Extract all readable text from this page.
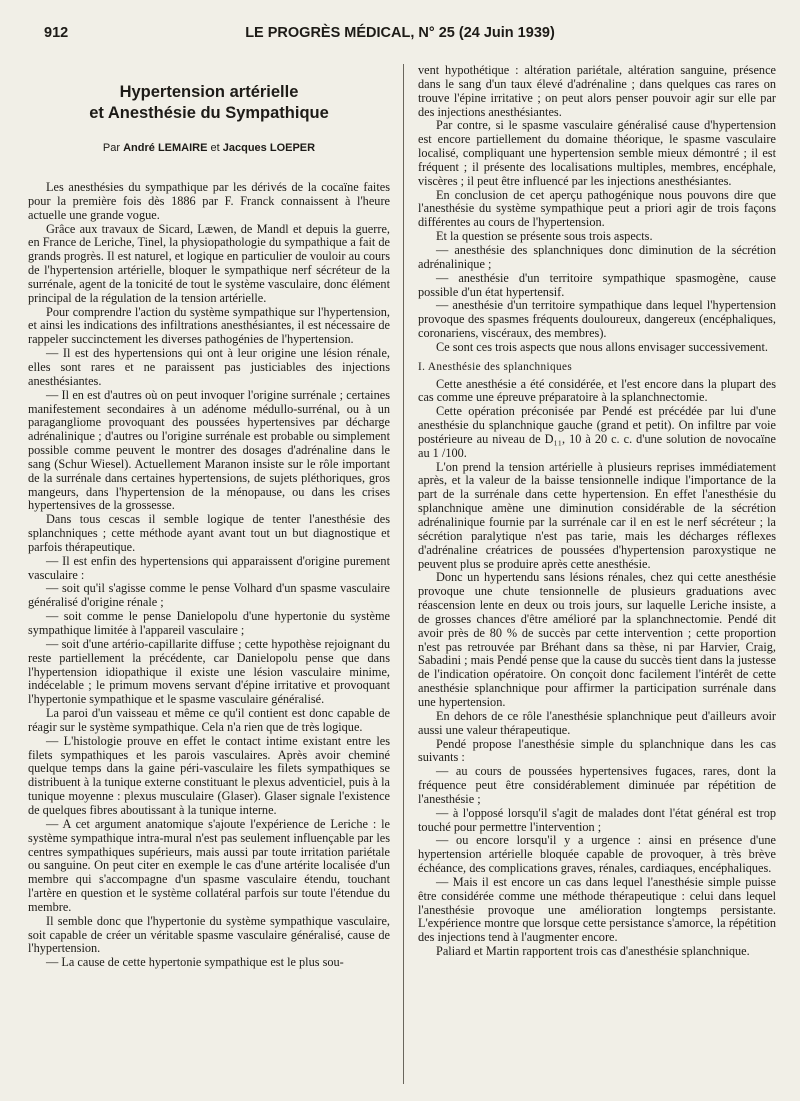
912	LE PROGRÈS MÉDICAL, N° 25 (24 Juin 1939)
Hypertension artérielle
et Anesthésie du Sympathique
Par André LEMAIRE et Jacques LOEPER

Les anesthésies du sympathique par les dérivés de la cocaïne faites pour la première fois dès 1886 par F. Franck connaissent à l'heure actuelle une grande vogue.

Grâce aux travaux de Sicard, Læwen, de Mandl et depuis la guerre, en France de Leriche, Tinel, la physiopathologie du sympathique a fait de grands progrès. Il est naturel, et logique en particulier de vouloir au cours de l'hypertension artérielle, bloquer le sympathique nerf sécréteur de la surrénale, agent de la tonicité de tout le système vasculaire, donc élément principal de la régulation de la tension artérielle.

Pour comprendre l'action du système sympathique sur l'hypertension, et ainsi les indications des infiltrations anesthésiantes, il est nécessaire de rappeler succinctement les diverses pathogénies de l'hypertension.

— Il est des hypertensions qui ont à leur origine une lésion rénale, elles sont rares et ne paraissent pas justiciables des injections anesthésiantes.

— Il en est d'autres où on peut invoquer l'origine surrénale ; certaines manifestement secondaires à un adénome médullo-surrénal, ou à un paragangliome provoquant des poussées hypertensives par décharge adrénalinique ; d'autres ou l'origine surrénale est probable ou simplement possible comme peuvent le montrer des dosages d'adrénaline dans le sang (Schur Wiesel). Actuellement Maranon insiste sur le rôle important de la surrénale dans certaines hypertensions, de sujets pléthoriques, gros mangeurs, dans l'hypertension de la ménopause, ou dans les crises hypertensives de la grossesse.

Dans tous cescas il semble logique de tenter l'anesthésie des splanchniques ; cette méthode ayant avant tout un but diagnostique et parfois thérapeutique.

— Il est enfin des hypertensions qui apparaissent d'origine purement vasculaire :

— soit qu'il s'agisse comme le pense Volhard d'un spasme vasculaire généralisé d'origine rénale ;

— soit comme le pense Danielopolu d'une hypertonie du système sympathique limitée à l'appareil vasculaire ;

— soit d'une artério-capillarite diffuse ; cette hypothèse rejoignant du reste partiellement la précédente, car Danielopolu pense que dans l'hypertension idiopathique il existe une lésion vasculaire minime, indécelable ; le primum movens servant d'épine irritative et provoquant l'hypertonie sympathique et le spasme vasculaire généralisé.

La paroi d'un vaisseau et même ce qu'il contient est donc capable de réagir sur le système sympathique. Cela n'a rien que de très logique.

— L'histologie prouve en effet le contact intime existant entre les filets sympathiques et les parois vasculaires. Après avoir cheminé quelque temps dans la gaine péri-vasculaire les filets sympathiques se distribuent à la tunique externe constituant le plexus adventiciel, puis à la tunique moyenne : plexus musculaire (Glaser). Glaser signale l'existence de quelques fibres aboutissant à la tunique interne.

— A cet argument anatomique s'ajoute l'expérience de Leriche : le système sympathique intra-mural n'est pas seulement influençable par les centres sympathiques supérieurs, mais aussi par toute irritation pariétale ou sanguine. On peut citer en exemple le cas d'une artérite localisée d'un membre qui s'accompagne d'un spasme vasculaire étendu, touchant l'artère en question et le système collatéral parfois sur toute l'étendue du membre.

Il semble donc que l'hypertonie du système sympathique vasculaire, soit capable de créer un véritable spasme vasculaire généralisé, cause de l'hypertension.

— La cause de cette hypertonie sympathique est le plus sou-

vent hypothétique : altération pariétale, altération sanguine, présence dans le sang d'un taux élevé d'adrénaline ; dans quelques cas rares on trouve l'épine irritative ; on peut alors penser pouvoir agir sur elle par des injections anesthésiantes.

Par contre, si le spasme vasculaire généralisé cause d'hypertension est encore partiellement du domaine théorique, le spasme vasculaire localisé, compliquant une hypertension semble mieux démontré ; il est fréquent ; il présente des localisations multiples, membres, encéphale, viscères ; il peut être influencé par les injections anesthésiantes.

En conclusion de cet aperçu pathogénique nous pouvons dire que l'anesthésie du système sympathique peut a priori agir de trois façons différentes au cours de l'hypertension.

Et la question se présente sous trois aspects.

— anesthésie des splanchniques donc diminution de la sécrétion adrénalinique ;

— anesthésie d'un territoire sympathique spasmogène, cause possible d'un état hypertensif.

— anesthésie d'un territoire sympathique dans lequel l'hypertension provoque des spasmes fréquents douloureux, dangereux (encéphaliques, coronariens, viscéraux, des membres).

Ce sont ces trois aspects que nous allons envisager successivement.

I. Anesthésie des splanchniques

Cette anesthésie a été considérée, et l'est encore dans la plupart des cas comme une épreuve préparatoire à la splanchnectomie.

Cette opération préconisée par Pendé est précédée par lui d'une anesthésie du splanchnique gauche (grand et petit). On infiltre par voie postérieure au niveau de D₁₁, 10 à 20 c. c. d'une solution de novocaïne au 1 /100.

L'on prend la tension artérielle à plusieurs reprises immédiatement après, et la valeur de la baisse tensionnelle indique l'importance de la part de la surrénale dans cette hypertension. En effet l'anesthésie du splanchnique amène une diminution considérable de la sécrétion adrénalinique fournie par la surrénale car il en est le nerf sécréteur ; la sécrétion paralytique n'est pas tarie, mais les décharges réflexes d'adrénaline créatrices de poussées d'hypertension paroxystique ne peuvent plus se produire après cette anesthésie.

Donc un hypertendu sans lésions rénales, chez qui cette anesthésie provoque une chute tensionnelle de plusieurs graduations avec réascension lente en deux ou trois jours, sur laquelle Leriche insiste, a de grosses chances d'être amélioré par la splanchnectomie. Pendé dit avoir près de 80 % de succès par cette intervention ; cette proportion n'est pas retrouvée par Bréhant dans sa thèse, ni par Harvier, Craig, Sabadini ; mais Pendé pense que la cause du succès tient dans la justesse de l'indication opératoire. On conçoit donc facilement l'intérêt de cette anesthésie splanchnique pour affirmer la participation surrénale dans une hypertension.

En dehors de ce rôle l'anesthésie splanchnique peut d'ailleurs avoir aussi une valeur thérapeutique.

Pendé propose l'anesthésie simple du splanchnique dans les cas suivants :

— au cours de poussées hypertensives fugaces, rares, dont la fréquence peut être considérablement diminuée par répétition de l'anesthésie ;

— à l'opposé lorsqu'il s'agit de malades dont l'état général est trop touché pour permettre l'intervention ;

— ou encore lorsqu'il y a urgence : ainsi en présence d'une hypertension artérielle bloquée capable de provoquer, à très brève échéance, des complications graves, rénales, cardiaques, encéphaliques.

— Mais il est encore un cas dans lequel l'anesthésie simple puisse être considérée comme une méthode thérapeutique : celui dans lequel l'anesthésie provoque une amélioration longtemps persistante. L'expérience montre que lorsque cette persistance s'amorce, la répétition des injections tend à l'augmenter encore.

Paliard et Martin rapportent trois cas d'anesthésie splanchnique.
